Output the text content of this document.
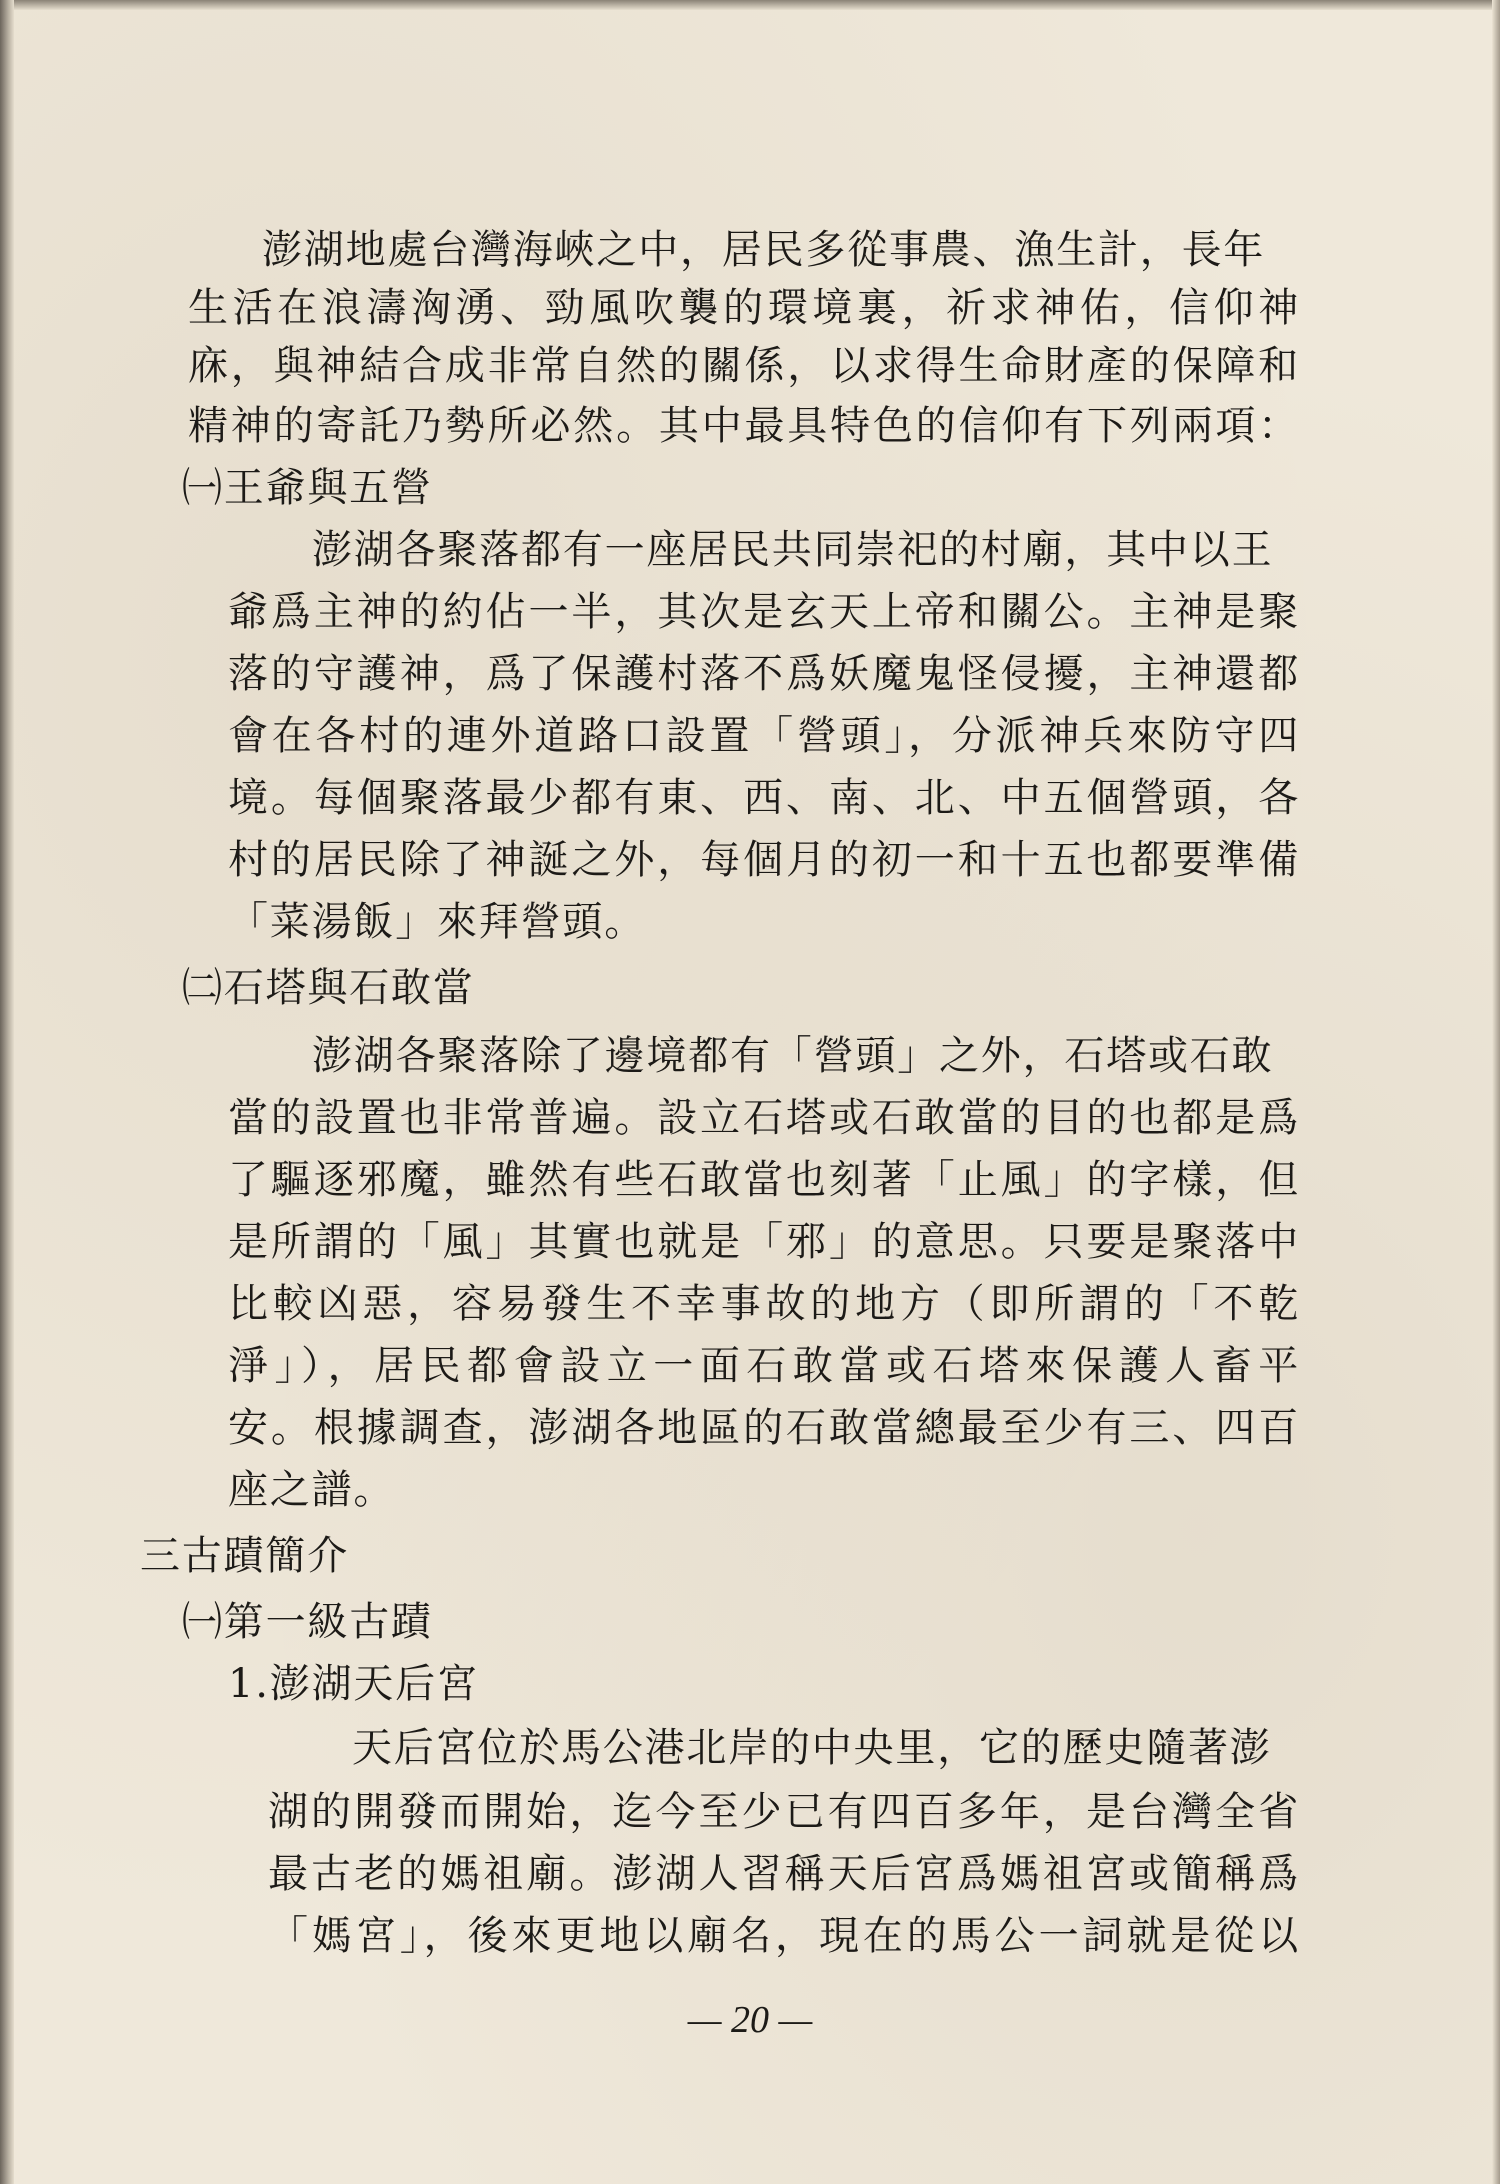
澎湖地處台灣海峽之中，居民多從事農、漁生計，長年

生活在浪濤洶湧、勁風吹襲的環境裏，祈求神佑，信仰神

庥，與神結合成非常自然的關係，以求得生命財產的保障和

精神的寄託乃勢所必然。其中最具特色的信仰有下列兩項：

㈠王爺與五營

澎湖各聚落都有一座居民共同崇祀的村廟，其中以王

爺爲主神的約佔一半，其次是玄天上帝和關公。主神是聚

落的守護神，爲了保護村落不爲妖魔鬼怪侵擾，主神還都

會在各村的連外道路口設置「營頭」，分派神兵來防守四

境。每個聚落最少都有東、西、南、北、中五個營頭，各

村的居民除了神誕之外，每個月的初一和十五也都要準備

「菜湯飯」來拜營頭。

㈡石塔與石敢當

澎湖各聚落除了邊境都有「營頭」之外，石塔或石敢

當的設置也非常普遍。設立石塔或石敢當的目的也都是爲

了驅逐邪魔，雖然有些石敢當也刻著「止風」的字樣，但

是所謂的「風」其實也就是「邪」的意思。只要是聚落中

比較凶惡，容易發生不幸事故的地方（即所謂的「不乾

淨」），居民都會設立一面石敢當或石塔來保護人畜平

安。根據調查，澎湖各地區的石敢當總最至少有三、四百

座之譜。

三古蹟簡介

㈠第一級古蹟

1.澎湖天后宮

天后宮位於馬公港北岸的中央里，它的歷史隨著澎

湖的開發而開始，迄今至少已有四百多年，是台灣全省

最古老的媽祖廟。澎湖人習稱天后宮爲媽祖宮或簡稱爲

「媽宮」，後來更地以廟名，現在的馬公一詞就是從以

— 20 —
